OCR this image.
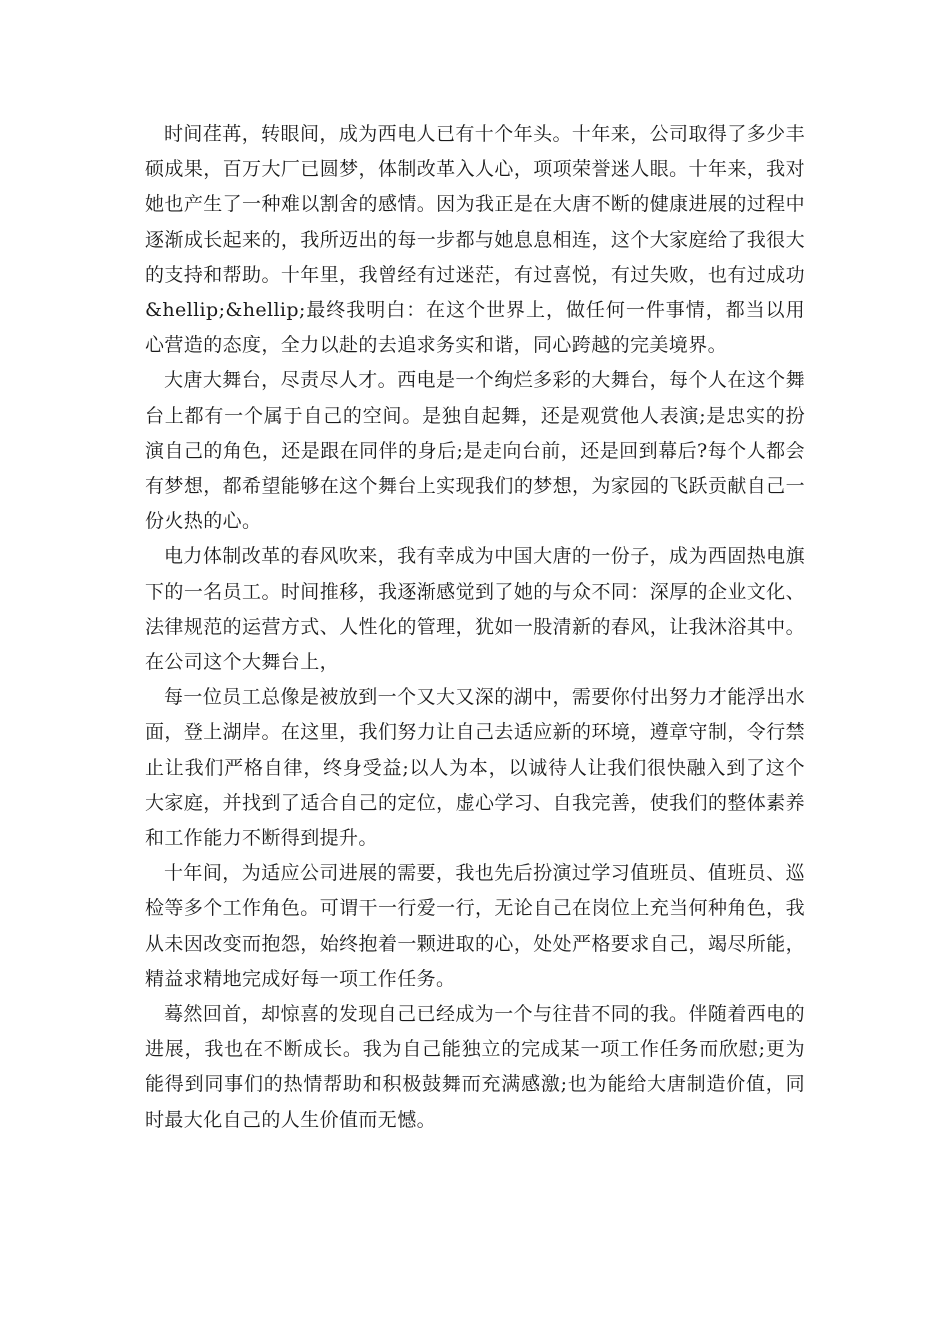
时间荏苒，转眼间，成为西电人已有十个年头。十年来，公司取得了多少丰硕成果，百万大厂已圆梦，体制改革入人心，项项荣誉迷人眼。十年来，我对她也产生了一种难以割舍的感情。因为我正是在大唐不断的健康进展的过程中逐渐成长起来的，我所迈出的每一步都与她息息相连，这个大家庭给了我很大的支持和帮助。十年里，我曾经有过迷茫，有过喜悦，有过失败，也有过成功&hellip;&hellip;最终我明白：在这个世界上，做任何一件事情，都当以用心营造的态度，全力以赴的去追求务实和谐，同心跨越的完美境界。

大唐大舞台，尽责尽人才。西电是一个绚烂多彩的大舞台，每个人在这个舞台上都有一个属于自己的空间。是独自起舞，还是观赏他人表演;是忠实的扮演自己的角色，还是跟在同伴的身后;是走向台前，还是回到幕后?每个人都会有梦想，都希望能够在这个舞台上实现我们的梦想，为家园的飞跃贡献自己一份火热的心。

电力体制改革的春风吹来，我有幸成为中国大唐的一份子，成为西固热电旗下的一名员工。时间推移，我逐渐感觉到了她的与众不同：深厚的企业文化、法律规范的运营方式、人性化的管理，犹如一股清新的春风，让我沐浴其中。在公司这个大舞台上，

每一位员工总像是被放到一个又大又深的湖中，需要你付出努力才能浮出水面，登上湖岸。在这里，我们努力让自己去适应新的环境，遵章守制，令行禁止让我们严格自律，终身受益;以人为本，以诚待人让我们很快融入到了这个大家庭，并找到了适合自己的定位，虚心学习、自我完善，使我们的整体素养和工作能力不断得到提升。

十年间，为适应公司进展的需要，我也先后扮演过学习值班员、值班员、巡检等多个工作角色。可谓干一行爱一行，无论自己在岗位上充当何种角色，我从未因改变而抱怨，始终抱着一颗进取的心，处处严格要求自己，竭尽所能，精益求精地完成好每一项工作任务。

蓦然回首，却惊喜的发现自己已经成为一个与往昔不同的我。伴随着西电的进展，我也在不断成长。我为自己能独立的完成某一项工作任务而欣慰;更为能得到同事们的热情帮助和积极鼓舞而充满感激;也为能给大唐制造价值，同时最大化自己的人生价值而无憾。
